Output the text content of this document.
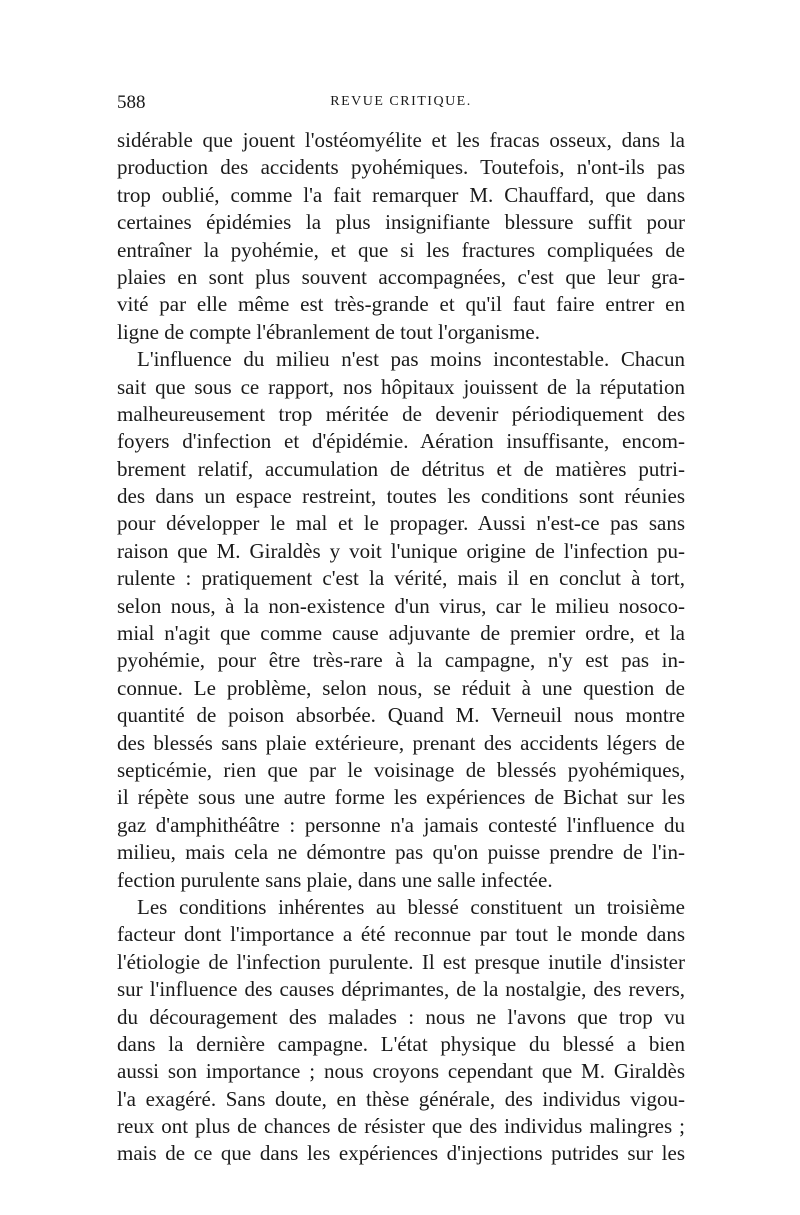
588	REVUE CRITIQUE.
sidérable que jouent l'ostéomyélite et les fracas osseux, dans la
production des accidents pyohémiques. Toutefois, n'ont-ils pas
trop oublié, comme l'a fait remarquer M. Chauffard, que dans
certaines épidémies la plus insignifiante blessure suffit pour
entraîner la pyohémie, et que si les fractures compliquées de
plaies en sont plus souvent accompagnées, c'est que leur gra-
vité par elle même est très-grande et qu'il faut faire entrer en
ligne de compte l'ébranlement de tout l'organisme.
L'influence du milieu n'est pas moins incontestable. Chacun
sait que sous ce rapport, nos hôpitaux jouissent de la réputation
malheureusement trop méritée de devenir périodiquement des
foyers d'infection et d'épidémie. Aération insuffisante, encom-
brement relatif, accumulation de détritus et de matières putri-
des dans un espace restreint, toutes les conditions sont réunies
pour développer le mal et le propager. Aussi n'est-ce pas sans
raison que M. Giraldès y voit l'unique origine de l'infection pu-
rulente : pratiquement c'est la vérité, mais il en conclut à tort,
selon nous, à la non-existence d'un virus, car le milieu nosoco-
mial n'agit que comme cause adjuvante de premier ordre, et la
pyohémie, pour être très-rare à la campagne, n'y est pas in-
connue. Le problème, selon nous, se réduit à une question de
quantité de poison absorbée. Quand M. Verneuil nous montre
des blessés sans plaie extérieure, prenant des accidents légers de
septicémie, rien que par le voisinage de blessés pyohémiques,
il répète sous une autre forme les expériences de Bichat sur les
gaz d'amphithéâtre : personne n'a jamais contesté l'influence du
milieu, mais cela ne démontre pas qu'on puisse prendre de l'in-
fection purulente sans plaie, dans une salle infectée.
Les conditions inhérentes au blessé constituent un troisième
facteur dont l'importance a été reconnue par tout le monde dans
l'étiologie de l'infection purulente. Il est presque inutile d'insister
sur l'influence des causes déprimantes, de la nostalgie, des revers,
du découragement des malades : nous ne l'avons que trop vu
dans la dernière campagne. L'état physique du blessé a bien
aussi son importance ; nous croyons cependant que M. Giraldès
l'a exagéré. Sans doute, en thèse générale, des individus vigou-
reux ont plus de chances de résister que des individus malingres ;
mais de ce que dans les expériences d'injections putrides sur les
